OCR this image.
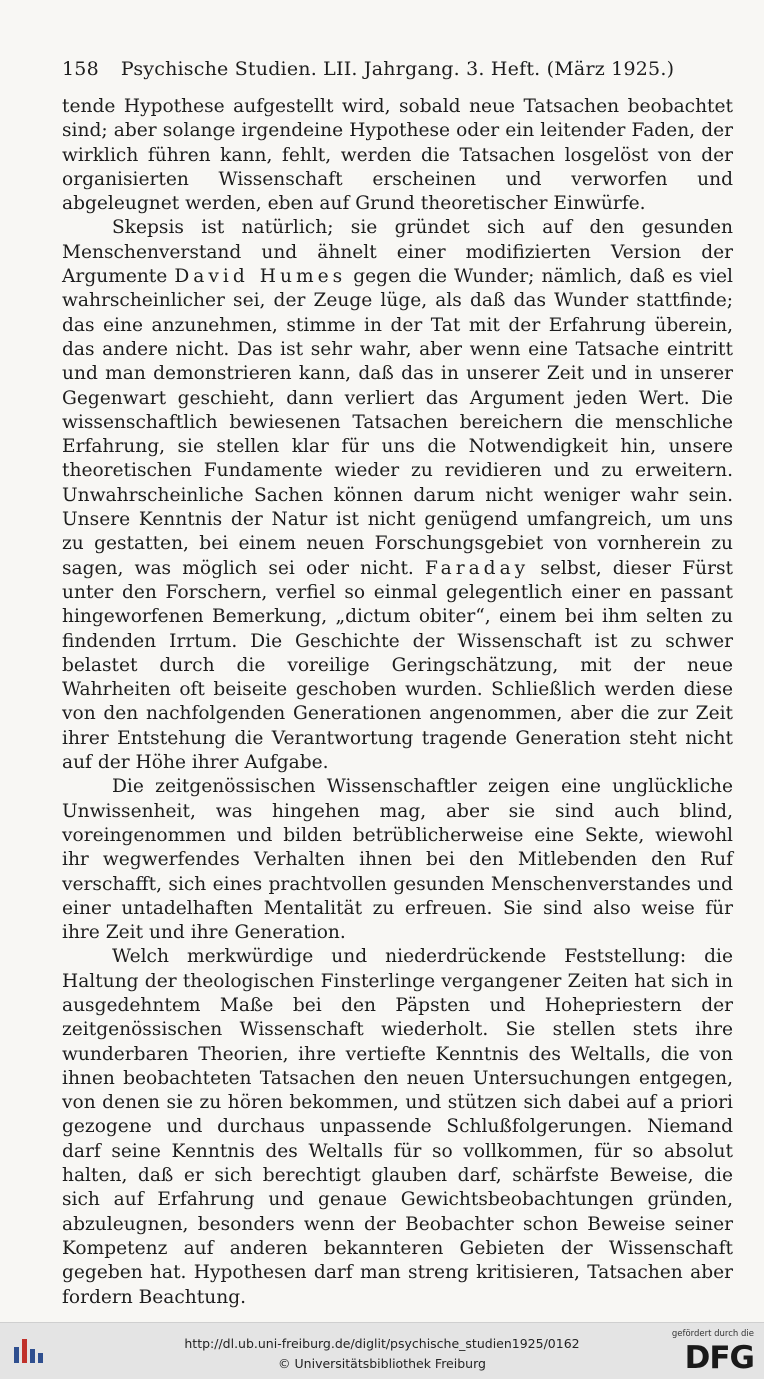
158 Psychische Studien. LII. Jahrgang. 3. Heft. (März 1925.)

tende Hypothese aufgestellt wird, sobald neue Tatsachen beobachtet sind; aber solange irgendeine Hypothese oder ein leitender Faden, der wirklich führen kann, fehlt, werden die Tatsachen losgelöst von der organisierten Wissenschaft erscheinen und verworfen und abgeleugnet werden, eben auf Grund theoretischer Einwürfe.

Skepsis ist natürlich; sie gründet sich auf den gesunden Menschenverstand und ähnelt einer modifizierten Version der Argumente David Humes gegen die Wunder; nämlich, daß es viel wahrscheinlicher sei, der Zeuge lüge, als daß das Wunder stattfinde; das eine anzunehmen, stimme in der Tat mit der Erfahrung überein, das andere nicht. Das ist sehr wahr, aber wenn eine Tatsache eintritt und man demonstrieren kann, daß das in unserer Zeit und in unserer Gegenwart geschieht, dann verliert das Argument jeden Wert. Die wissenschaftlich bewiesenen Tatsachen bereichern die menschliche Erfahrung, sie stellen klar für uns die Notwendigkeit hin, unsere theoretischen Fundamente wieder zu revidieren und zu erweitern. Unwahrscheinliche Sachen können darum nicht weniger wahr sein. Unsere Kenntnis der Natur ist nicht genügend umfangreich, um uns zu gestatten, bei einem neuen Forschungsgebiet von vornherein zu sagen, was möglich sei oder nicht. Faraday selbst, dieser Fürst unter den Forschern, verfiel so einmal gelegentlich einer en passant hingeworfenen Bemerkung, „dictum obiter“, einem bei ihm selten zu findenden Irrtum. Die Geschichte der Wissenschaft ist zu schwer belastet durch die voreilige Geringschätzung, mit der neue Wahrheiten oft beiseite geschoben wurden. Schließlich werden diese von den nachfolgenden Generationen angenommen, aber die zur Zeit ihrer Entstehung die Verantwortung tragende Generation steht nicht auf der Höhe ihrer Aufgabe.

Die zeitgenössischen Wissenschaftler zeigen eine unglückliche Unwissenheit, was hingehen mag, aber sie sind auch blind, voreingenommen und bilden betrüblicherweise eine Sekte, wiewohl ihr wegwerfendes Verhalten ihnen bei den Mitlebenden den Ruf verschafft, sich eines prachtvollen gesunden Menschenverstandes und einer untadelhaften Mentalität zu erfreuen. Sie sind also weise für ihre Zeit und ihre Generation.

Welch merkwürdige und niederdrückende Feststellung: die Haltung der theologischen Finsterlinge vergangener Zeiten hat sich in ausgedehntem Maße bei den Päpsten und Hohepriestern der zeitgenössischen Wissenschaft wiederholt. Sie stellen stets ihre wunderbaren Theorien, ihre vertiefte Kenntnis des Weltalls, die von ihnen beobachteten Tatsachen den neuen Untersuchungen entgegen, von denen sie zu hören bekommen, und stützen sich dabei auf a priori gezogene und durchaus unpassende Schlußfolgerungen. Niemand darf seine Kenntnis des Weltalls für so vollkommen, für so absolut halten, daß er sich berechtigt glauben darf, schärfste Beweise, die sich auf Erfahrung und genaue Gewichtsbeobachtungen gründen, abzuleugnen, besonders wenn der Beobachter schon Beweise seiner Kompetenz auf anderen bekannteren Gebieten der Wissenschaft gegeben hat. Hypothesen darf man streng kritisieren, Tatsachen aber fordern Beachtung.

http://dl.ub.uni-freiburg.de/diglit/psychische_studien1925/0162
© Universitätsbibliothek Freiburg
gefördert durch die
DFG
